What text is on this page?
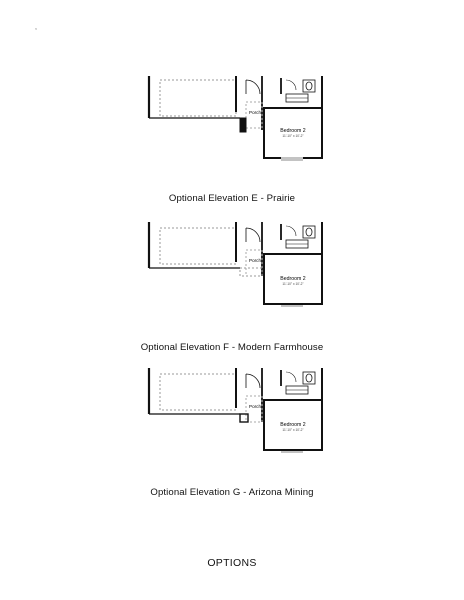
,
Porch
Bedroom 2
11'-10" x 10'-2"
Optional Elevation E - Prairie
Porch
Bedroom 2
11'-10" x 10'-2"
Optional Elevation F - Modern Farmhouse
Porch
Bedroom 2
11'-10" x 10'-2"
Optional Elevation G - Arizona Mining
OPTIONS
